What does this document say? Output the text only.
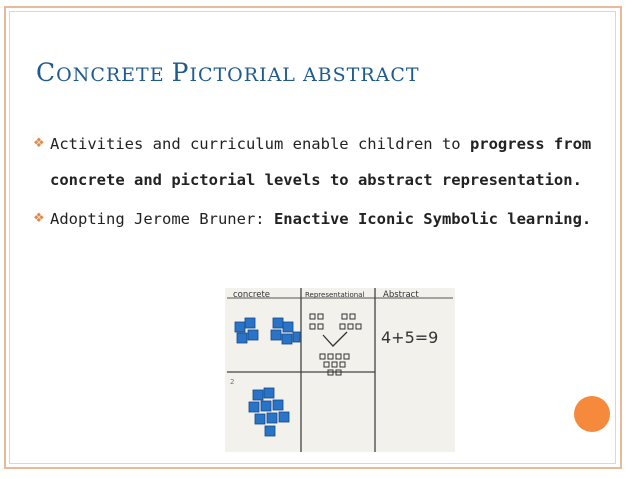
CONCRETE PICTORIAL ABSTRACT
❖ Activities and curriculum enable children to progress from concrete and pictorial levels to abstract representation.
❖ Adopting Jerome Bruner: Enactive Iconic Symbolic learning.
concrete	Representational Abstract
2
4+5=9
